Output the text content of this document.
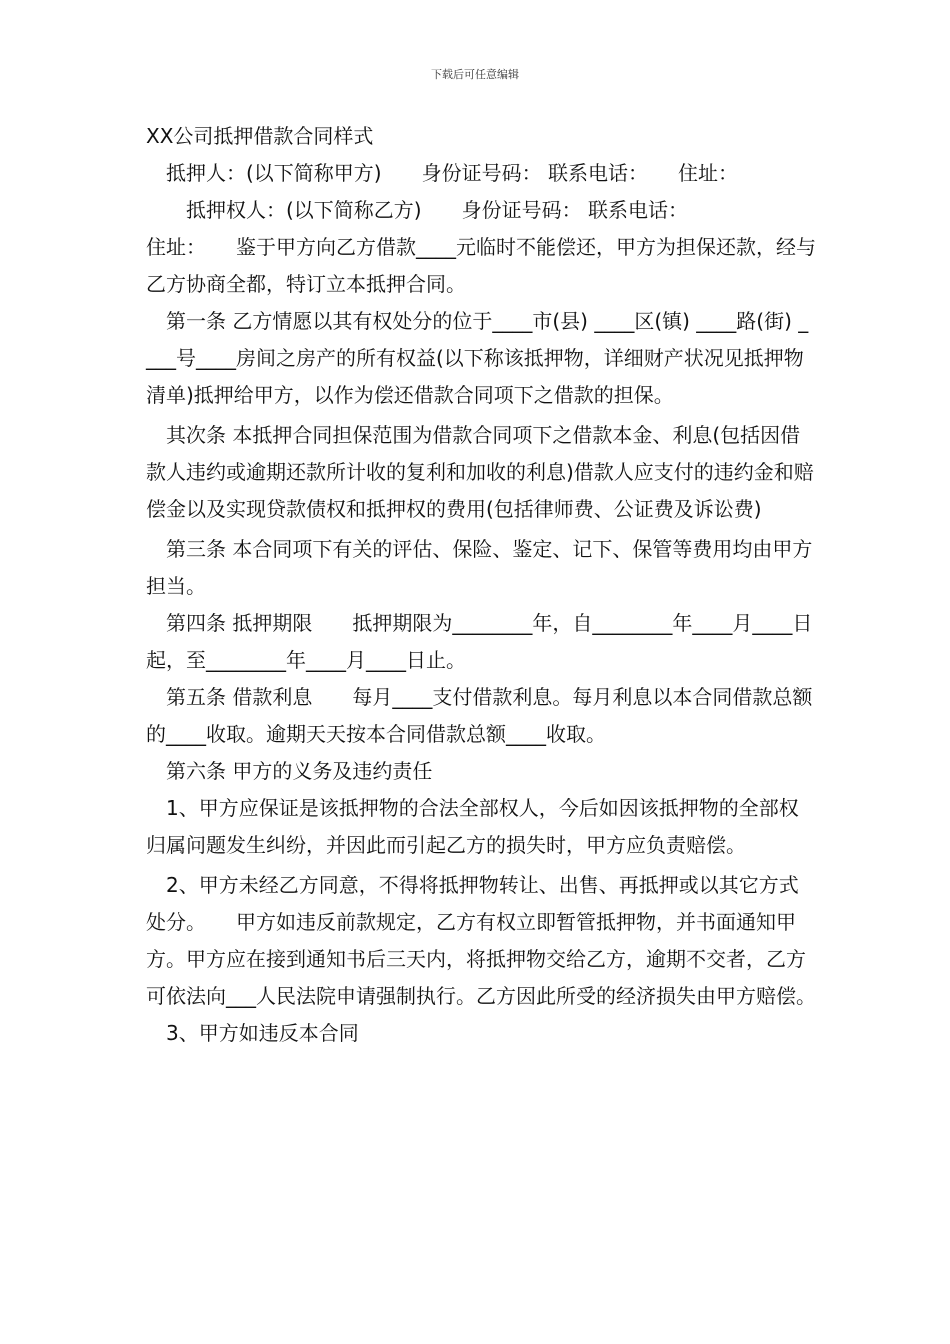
下载后可任意编辑

XX公司抵押借款合同样式

抵押人：(以下简称甲方)　　身份证号码： 联系电话：　　住址：

　抵押权人：(以下简称乙方)　　身份证号码： 联系电话：

住址：　　鉴于甲方向乙方借款____元临时不能偿还，甲方为担保还款，经与乙方协商全都，特订立本抵押合同。

第一条 乙方情愿以其有权处分的位于____市(县) ____区(镇) ____路(街) ____号____房间之房产的所有权益(以下称该抵押物，详细财产状况见抵押物清单)抵押给甲方，以作为偿还借款合同项下之借款的担保。

其次条 本抵押合同担保范围为借款合同项下之借款本金、利息(包括因借款人违约或逾期还款所计收的复利和加收的利息)借款人应支付的违约金和赔偿金以及实现贷款债权和抵押权的费用(包括律师费、公证费及诉讼费)

第三条 本合同项下有关的评估、保险、鉴定、记下、保管等费用均由甲方担当。

第四条 抵押期限　　抵押期限为________年，自________年____月____日起，至________年____月____日止。

第五条 借款利息　　每月____支付借款利息。每月利息以本合同借款总额的____收取。逾期天天按本合同借款总额____收取。

第六条 甲方的义务及违约责任

1、甲方应保证是该抵押物的合法全部权人，今后如因该抵押物的全部权归属问题发生纠纷，并因此而引起乙方的损失时，甲方应负责赔偿。

2、甲方未经乙方同意，不得将抵押物转让、出售、再抵押或以其它方式处分。　　甲方如违反前款规定，乙方有权立即暂管抵押物，并书面通知甲方。甲方应在接到通知书后三天内，将抵押物交给乙方，逾期不交者，乙方可依法向___人民法院申请强制执行。乙方因此所受的经济损失由甲方赔偿。

3、甲方如违反本合同
